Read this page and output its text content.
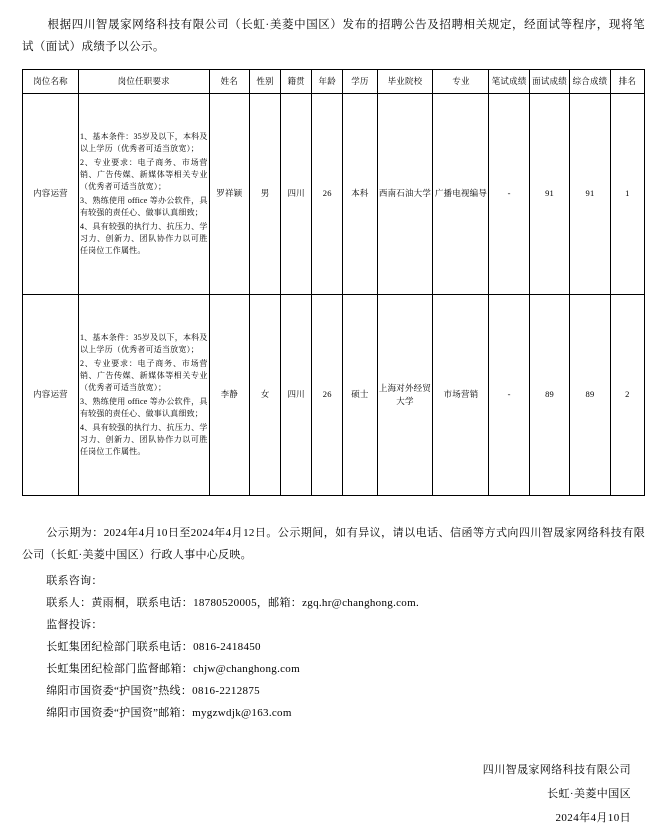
根据四川智晟家网络科技有限公司（长虹·美菱中国区）发布的招聘公告及招聘相关规定，经面试等程序，现将笔试（面试）成绩予以公示。

岗位名称	岗位任职要求	姓名	性别	籍贯	年龄	学历	毕业院校	专业	笔试成绩	面试成绩	综合成绩	排名
内容运营	1、基本条件：35岁及以下，本科及以上学历（优秀者可适当放宽）；
2、专业要求：电子商务、市场营销、广告传媒、新媒体等相关专业（优秀者可适当放宽）；
3、熟练使用 office 等办公软件，具有较强的责任心、做事认真细致；
4、具有较强的执行力、抗压力、学习力、创新力、团队协作力以可胜任岗位工作属性。	罗祥颖	男	四川	26	本科	西南石油大学	广播电视编导	-	91	91	1
内容运营	1、基本条件：35岁及以下，本科及以上学历（优秀者可适当放宽）；
2、专业要求：电子商务、市场营销、广告传媒、新媒体等相关专业（优秀者可适当放宽）；
3、熟练使用 office 等办公软件，具有较强的责任心、做事认真细致；
4、具有较强的执行力、抗压力、学习力、创新力、团队协作力以可胜任岗位工作属性。	李静	女	四川	26	硕士	上海对外经贸大学	市场营销	-	89	89	2

公示期为：2024年4月10日至2024年4月12日。公示期间，如有异议，请以电话、信函等方式向四川智晟家网络科技有限公司（长虹·美菱中国区）行政人事中心反映。

联系咨询：

联系人：黄雨桐，联系电话：18780520005，邮箱：zgq.hr@changhong.com.

监督投诉：

长虹集团纪检部门联系电话：0816-2418450

长虹集团纪检部门监督邮箱：chjw@changhong.com

绵阳市国资委“护国资”热线：0816-2212875

绵阳市国资委“护国资”邮箱：mygzwdjk@163.com

四川智晟家网络科技有限公司

长虹·美菱中国区

2024年4月10日
